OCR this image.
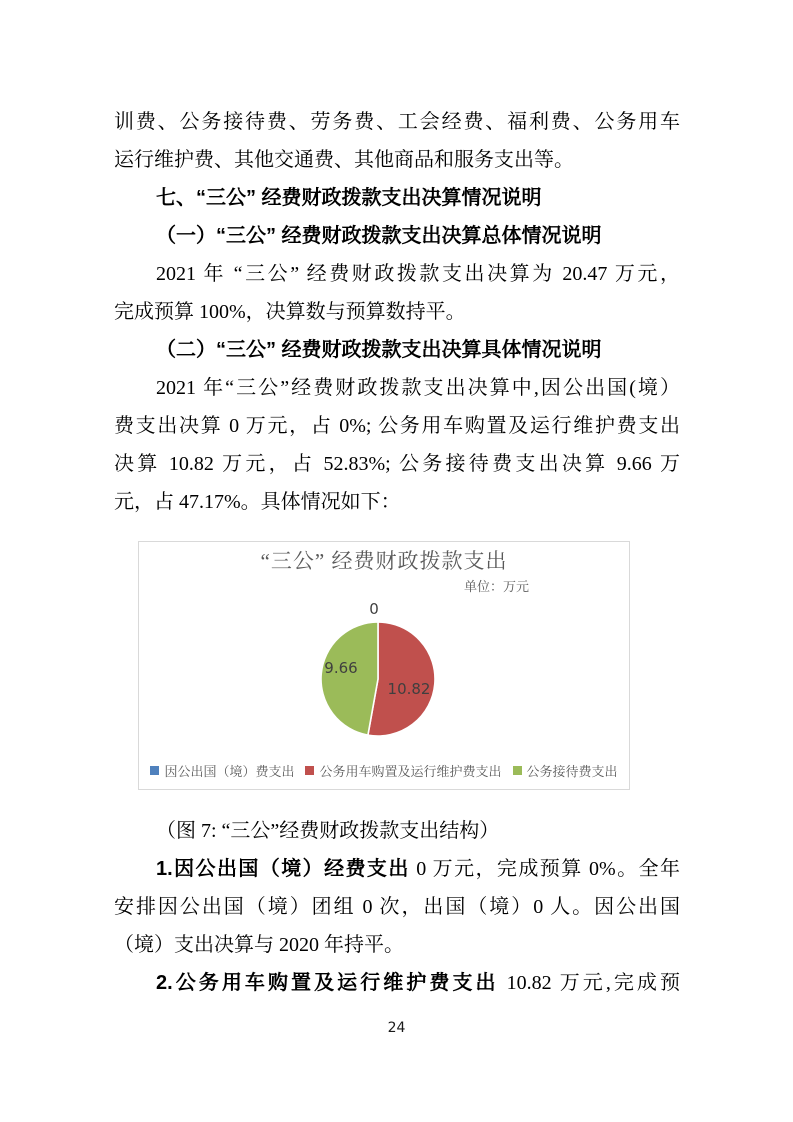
训费、公务接待费、劳务费、工会经费、福利费、公务用车
运行维护费、其他交通费、其他商品和服务支出等。
七、“三公” 经费财政拨款支出决算情况说明
（一）“三公” 经费财政拨款支出决算总体情况说明
2021 年 “三公” 经费财政拨款支出决算为 20.47 万元，
完成预算 100%，决算数与预算数持平。
（二）“三公” 经费财政拨款支出决算具体情况说明
2021 年“三公”经费财政拨款支出决算中,因公出国(境）
费支出决算 0 万元，占 0%; 公务用车购置及运行维护费支出
决算 10.82 万元，占 52.83%; 公务接待费支出决算 9.66 万
元，占 47.17%。具体情况如下：
“三公” 经费财政拨款支出
单位：万元
0
10.82
9.66
因公出国（境）费支出 公务用车购置及运行维护费支出 公务接待费支出
（图 7: “三公”经费财政拨款支出结构）
1.因公出国（境）经费支出 0 万元，完成预算 0%。全年
安排因公出国（境）团组 0 次，出国（境）0 人。因公出国
（境）支出决算与 2020 年持平。
2.公务用车购置及运行维护费支出 10.82 万元,完成预
24
